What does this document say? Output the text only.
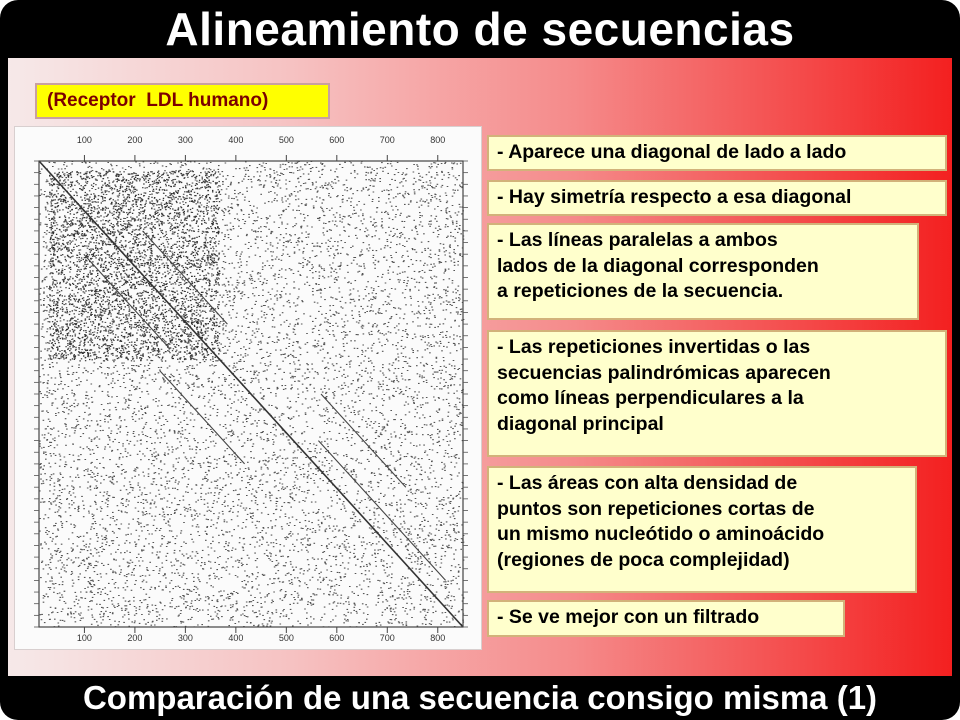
Alineamiento de secuencias
(Receptor  LDL humano)
100
100
200
200
300
300
400
400
500
500
600
600
700
700
800
800
- Aparece una diagonal de lado a lado
- Hay simetría respecto a esa diagonal
- Las líneas paralelas a ambos
lados de la diagonal corresponden
a repeticiones de la secuencia.
- Las repeticiones invertidas o las
secuencias palindrómicas aparecen
como líneas perpendiculares a la
diagonal principal
- Las áreas con alta densidad de
puntos son repeticiones cortas de
un mismo nucleótido o aminoácido
(regiones de poca complejidad)
- Se ve mejor con un filtrado
Comparación de una secuencia consigo misma (1)
